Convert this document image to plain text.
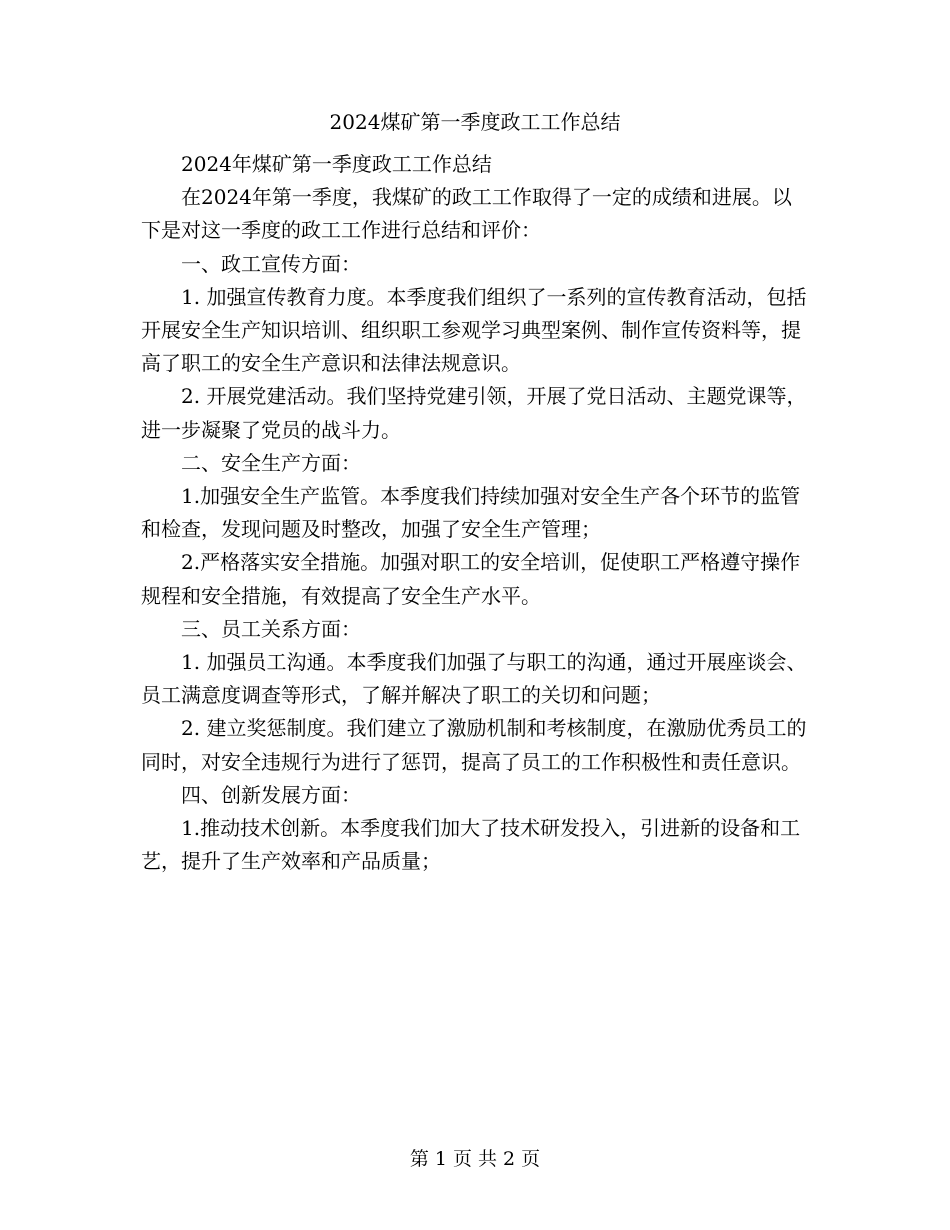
2024煤矿第一季度政工工作总结

2024年煤矿第一季度政工工作总结

在2024年第一季度，我煤矿的政工工作取得了一定的成绩和进展。以下是对这一季度的政工工作进行总结和评价：

一、政工宣传方面：

1. 加强宣传教育力度。本季度我们组织了一系列的宣传教育活动，包括开展安全生产知识培训、组织职工参观学习典型案例、制作宣传资料等，提高了职工的安全生产意识和法律法规意识。

2. 开展党建活动。我们坚持党建引领，开展了党日活动、主题党课等，进一步凝聚了党员的战斗力。

二、安全生产方面：

1.加强安全生产监管。本季度我们持续加强对安全生产各个环节的监管和检查，发现问题及时整改，加强了安全生产管理；

2.严格落实安全措施。加强对职工的安全培训，促使职工严格遵守操作规程和安全措施，有效提高了安全生产水平。

三、员工关系方面：

1. 加强员工沟通。本季度我们加强了与职工的沟通，通过开展座谈会、员工满意度调查等形式，了解并解决了职工的关切和问题；

2. 建立奖惩制度。我们建立了激励机制和考核制度，在激励优秀员工的同时，对安全违规行为进行了惩罚，提高了员工的工作积极性和责任意识。

四、创新发展方面：

1.推动技术创新。本季度我们加大了技术研发投入，引进新的设备和工艺，提升了生产效率和产品质量；

第 1 页 共 2 页
